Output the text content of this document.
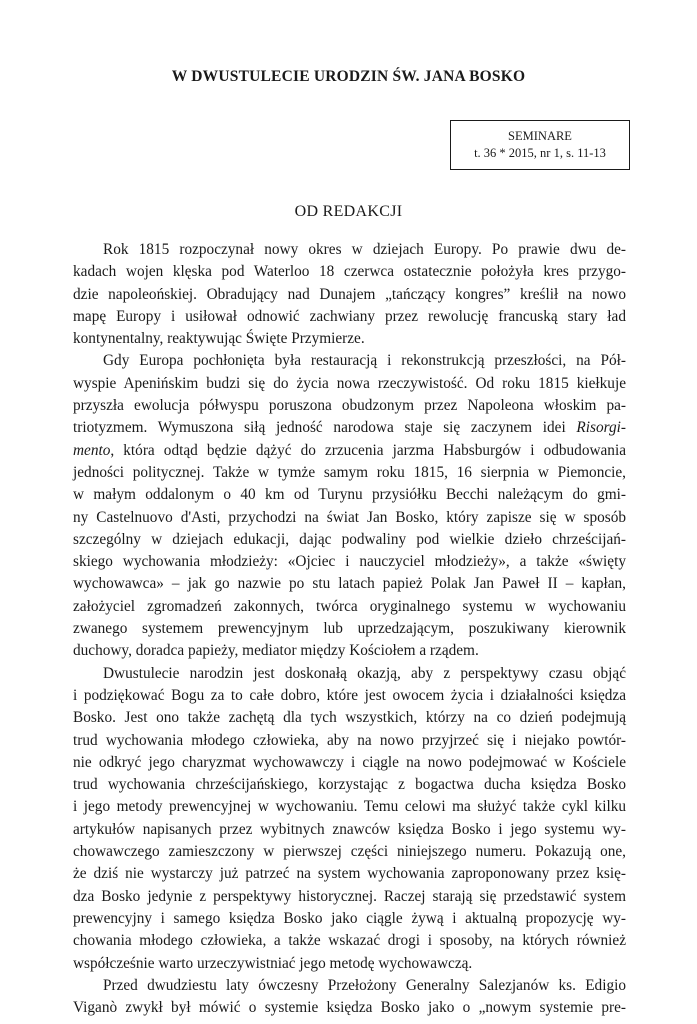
W DWUSTULECIE URODZIN ŚW. JANA BOSKO
SEMINARE
t. 36 * 2015, nr 1, s. 11-13
OD REDAKCJI
Rok 1815 rozpoczynał nowy okres w dziejach Europy. Po prawie dwu de-
kadach wojen klęska pod Waterloo 18 czerwca ostatecznie położyła kres przygo-
dzie napoleońskiej. Obradujący nad Dunajem „tańczący kongres” kreślił na nowo
mapę Europy i usiłował odnowić zachwiany przez rewolucję francuską stary ład
kontynentalny, reaktywując Święte Przymierze.
Gdy Europa pochłonięta była restauracją i rekonstrukcją przeszłości, na Pół-
wyspie Apenińskim budzi się do życia nowa rzeczywistość. Od roku 1815 kiełkuje
przyszła ewolucja półwyspu poruszona obudzonym przez Napoleona włoskim pa-
triotyzmem. Wymuszona siłą jedność narodowa staje się zaczynem idei Risorgi-
mento, która odtąd będzie dążyć do zrzucenia jarzma Habsburgów i odbudowania
jedności politycznej. Także w tymże samym roku 1815, 16 sierpnia w Piemoncie,
w małym oddalonym o 40 km od Turynu przysiółku Becchi należącym do gmi-
ny Castelnuovo d'Asti, przychodzi na świat Jan Bosko, który zapisze się w sposób
szczególny w dziejach edukacji, dając podwaliny pod wielkie dzieło chrześcijań-
skiego wychowania młodzieży: «Ojciec i nauczyciel młodzieży», a także «święty
wychowawca» – jak go nazwie po stu latach papież Polak Jan Paweł II – kapłan,
założyciel zgromadzeń zakonnych, twórca oryginalnego systemu w wychowaniu
zwanego systemem prewencyjnym lub uprzedzającym, poszukiwany kierownik
duchowy, doradca papieży, mediator między Kościołem a rządem.
Dwustulecie narodzin jest doskonałą okazją, aby z perspektywy czasu objąć
i podziękować Bogu za to całe dobro, które jest owocem życia i działalności księdza
Bosko. Jest ono także zachętą dla tych wszystkich, którzy na co dzień podejmują
trud wychowania młodego człowieka, aby na nowo przyjrzeć się i niejako powtór-
nie odkryć jego charyzmat wychowawczy i ciągle na nowo podejmować w Kościele
trud wychowania chrześcijańskiego, korzystając z bogactwa ducha księdza Bosko
i jego metody prewencyjnej w wychowaniu. Temu celowi ma służyć także cykl kilku
artykułów napisanych przez wybitnych znawców księdza Bosko i jego systemu wy-
chowawczego zamieszczony w pierwszej części niniejszego numeru. Pokazują one,
że dziś nie wystarczy już patrzeć na system wychowania zaproponowany przez księ-
dza Bosko jedynie z perspektywy historycznej. Raczej starają się przedstawić system
prewencyjny i samego księdza Bosko jako ciągle żywą i aktualną propozycję wy-
chowania młodego człowieka, a także wskazać drogi i sposoby, na których również
współcześnie warto urzeczywistniać jego metodę wychowawczą.
Przed dwudziestu laty ówczesny Przełożony Generalny Salezjanów ks. Edigio
Viganò zwykł był mówić o systemie księdza Bosko jako o „nowym systemie pre-
